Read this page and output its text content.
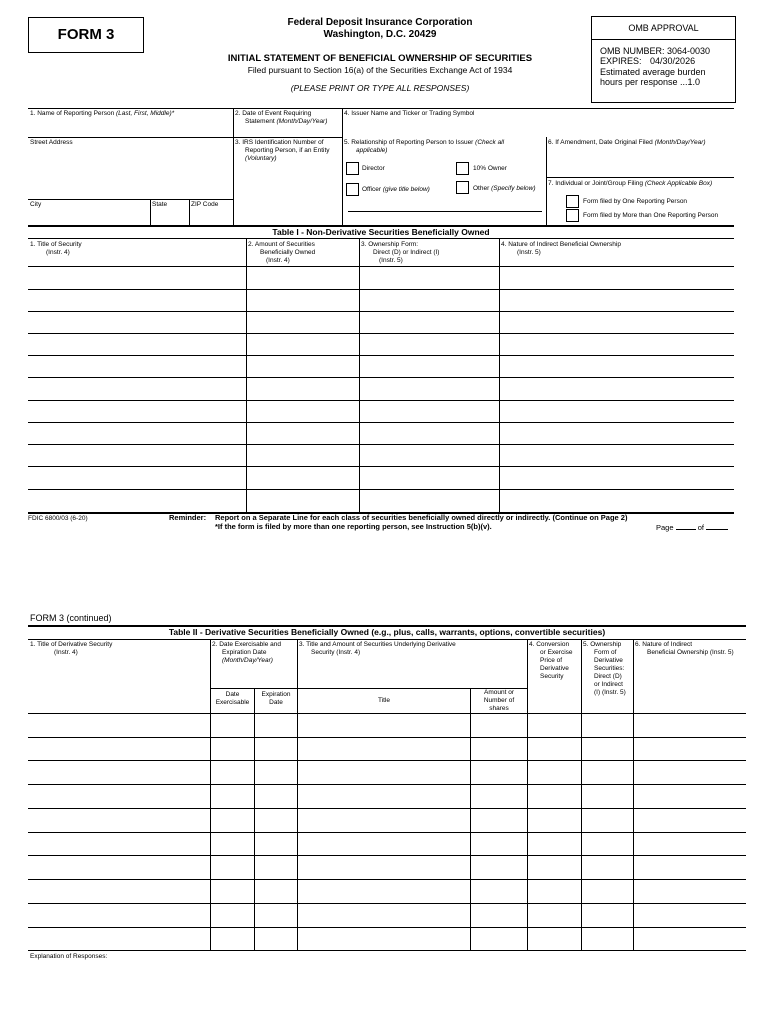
FORM 3
Federal Deposit Insurance Corporation
Washington, D.C. 20429
INITIAL STATEMENT OF BENEFICIAL OWNERSHIP OF SECURITIES
Filed pursuant to Section 16(a) of the Securities Exchange Act of 1934
(PLEASE PRINT OR TYPE ALL RESPONSES)
OMB APPROVAL
OMB NUMBER: 3064-0030
EXPIRES: 04/30/2026
Estimated average burden
hours per response ...1.0
1. Name of Reporting Person (Last, First, Middle)*
Street Address
City	State	ZIP Code
2. Date of Event Requiring
Statement (Month/Day/Year)
3. IRS Identification Number of
Reporting Person, if an Entity
(Voluntary)
4. Issuer Name and Ticker or Trading Symbol
5. Relationship of Reporting Person to Issuer (Check all
applicable)
Director	10% Owner
Officer (give title below)	Other (Specify below)
6. If Amendment, Date Original Filed (Month/Day/Year)
7. Individual or Joint/Group Filing (Check Applicable Box)
Form filed by One Reporting Person
Form filed by More than One Reporting Person
Table I - Non-Derivative Securities Beneficially Owned
1. Title of Security
(Instr. 4)
2. Amount of Securities
Beneficially Owned
(Instr. 4)
3. Ownership Form:
Direct (D) or Indirect (I)
(Instr. 5)
4. Nature of Indirect Beneficial Ownership
(Instr. 5)
FDIC 6800/03 (6-20)	Reminder: Report on a Separate Line for each class of securities beneficially owned directly or indirectly. (Continue on Page 2)
*If the form is filed by more than one reporting person, see Instruction 5(b)(v).	Page	of
FORM 3 (continued)
Table II - Derivative Securities Beneficially Owned (e.g., plus, calls, warrants, options, convertible securities)
1. Title of Derivative Security
(Instr. 4)
2. Date Exercisable and
Expiration Date
(Month/Day/Year)
Date
Exercisable
Expiration
Date
3. Title and Amount of Securities Underlying Derivative
Security (Instr. 4)
Title
Amount or
Number of
shares
4. Conversion
or Exercise
Price of
Derivative
Security
5. Ownership
Form of
Derivative
Securities:
Direct (D)
or Indirect
(I) (Instr. 5)
6. Nature of Indirect
Beneficial Ownership (Instr. 5)
Explanation of Responses:
